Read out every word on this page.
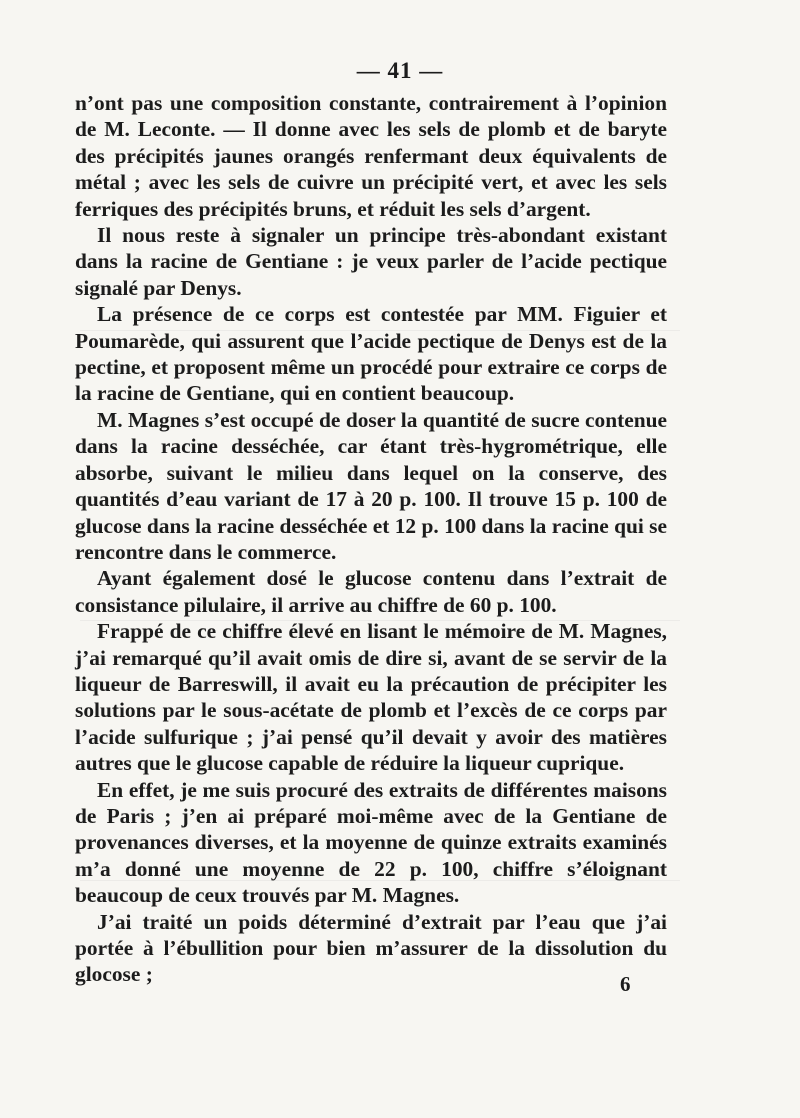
— 41 —

n’ont pas une composition constante, contrairement à l’opinion de M. Leconte. — Il donne avec les sels de plomb et de baryte des précipités jaunes orangés renfermant deux équivalents de métal ; avec les sels de cuivre un précipité vert, et avec les sels ferriques des précipités bruns, et réduit les sels d’argent.

Il nous reste à signaler un principe très-abondant existant dans la racine de Gentiane : je veux parler de l’acide pectique signalé par Denys.

La présence de ce corps est contestée par MM. Figuier et Poumarède, qui assurent que l’acide pectique de Denys est de la pectine, et proposent même un procédé pour extraire ce corps de la racine de Gentiane, qui en contient beaucoup.

M. Magnes s’est occupé de doser la quantité de sucre contenue dans la racine desséchée, car étant très-hygrométrique, elle absorbe, suivant le milieu dans lequel on la conserve, des quantités d’eau variant de 17 à 20 p. 100. Il trouve 15 p. 100 de glucose dans la racine desséchée et 12 p. 100 dans la racine qui se rencontre dans le commerce.

Ayant également dosé le glucose contenu dans l’extrait de consistance pilulaire, il arrive au chiffre de 60 p. 100.

Frappé de ce chiffre élevé en lisant le mémoire de M. Magnes, j’ai remarqué qu’il avait omis de dire si, avant de se servir de la liqueur de Barreswill, il avait eu la précaution de précipiter les solutions par le sous-acétate de plomb et l’excès de ce corps par l’acide sulfurique ; j’ai pensé qu’il devait y avoir des matières autres que le glucose capable de réduire la liqueur cuprique.

En effet, je me suis procuré des extraits de différentes maisons de Paris ; j’en ai préparé moi-même avec de la Gentiane de provenances diverses, et la moyenne de quinze extraits examinés m’a donné une moyenne de 22 p. 100, chiffre s’éloignant beaucoup de ceux trouvés par M. Magnes.

J’ai traité un poids déterminé d’extrait par l’eau que j’ai portée à l’ébullition pour bien m’assurer de la dissolution du glocose ;	6
